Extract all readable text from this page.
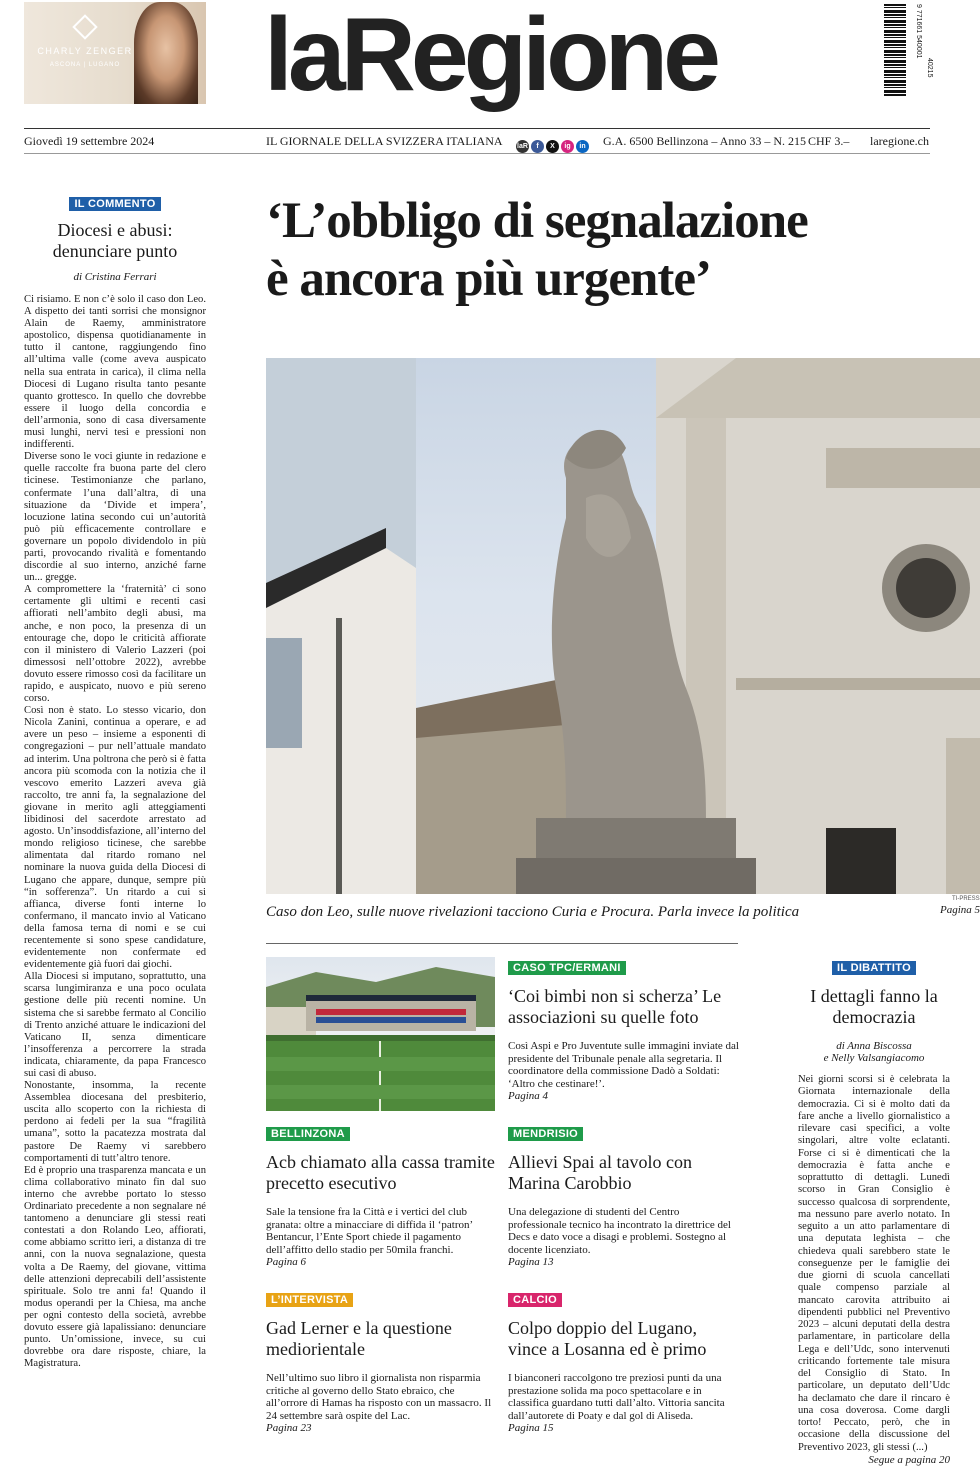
CHARLY ZENGER
ASCONA | LUGANO laRegione	9 771661 540001
40215
Giovedì 19 settembre 2024	IL GIORNALE DELLA SVIZZERA ITALIANA laR	f	X	ig	in G.A. 6500 Bellinzona – Anno 33 – N. 215 CHF 3.– laregione.ch
IL COMMENTO
Diocesi e abusi: denunciare punto
di Cristina Ferrari

Ci risiamo. E non c’è solo il caso don Leo. A dispetto dei tanti sorrisi che monsignor Alain de Raemy, amministratore apostolico, dispensa quotidianamente in tutto il cantone, raggiungendo fino all’ultima valle (come aveva auspicato nella sua entrata in carica), il clima nella Diocesi di Lugano risulta tanto pesante quanto grottesco. In quello che dovrebbe essere il luogo della concordia e dell’armonia, sono di casa diversamente musi lunghi, nervi tesi e pressioni non indifferenti.

Diverse sono le voci giunte in redazione e quelle raccolte fra buona parte del clero ticinese. Testimonianze che parlano, confermate l’una dall’altra, di una situazione da ‘Divide et impera’, locuzione latina secondo cui un’autorità può più efficacemente controllare e governare un popolo dividendolo in più parti, provocando rivalità e fomentando discordie al suo interno, anziché farne un... gregge.

A compromettere la ‘fraternità’ ci sono certamente gli ultimi e recenti casi affiorati nell’ambito degli abusi, ma anche, e non poco, la presenza di un entourage che, dopo le criticità affiorate con il ministero di Valerio Lazzeri (poi dimessosi nell’ottobre 2022), avrebbe dovuto essere rimosso così da facilitare un rapido, e auspicato, nuovo e più sereno corso.

Così non è stato. Lo stesso vicario, don Nicola Zanini, continua a operare, e ad avere un peso – insieme a esponenti di congregazioni – pur nell’attuale mandato ad interim. Una poltrona che però si è fatta ancora più scomoda con la notizia che il vescovo emerito Lazzeri aveva già raccolto, tre anni fa, la segnalazione del giovane in merito agli atteggiamenti libidinosi del sacerdote arrestato ad agosto. Un’insoddisfazione, all’interno del mondo religioso ticinese, che sarebbe alimentata dal ritardo romano nel nominare la nuova guida della Diocesi di Lugano che appare, dunque, sempre più “in sofferenza”. Un ritardo a cui si affianca, diverse fonti interne lo confermano, il mancato invio al Vaticano della famosa terna di nomi e se cui recentemente si sono spese candidature, evidentemente non confermate ed evidentemente già fuori dai giochi.

Alla Diocesi si imputano, soprattutto, una scarsa lungimiranza e una poco oculata gestione delle più recenti nomine. Un sistema che si sarebbe fermato al Concilio di Trento anziché attuare le indicazioni del Vaticano II, senza dimenticare l’insofferenza a percorrere la strada indicata, chiaramente, da papa Francesco sui casi di abuso.

Nonostante, insomma, la recente Assemblea diocesana del presbiterio, uscita allo scoperto con la richiesta di perdono ai fedeli per la sua “fragilità umana”, sotto la pacatezza mostrata dal pastore De Raemy vi sarebbero comportamenti di tutt’altro tenore.

Ed è proprio una trasparenza mancata e un clima collaborativo minato fin dal suo interno che avrebbe portato lo stesso Ordinariato precedente a non segnalare né tantomeno a denunciare gli stessi reati contestati a don Rolando Leo, affiorati, come abbiamo scritto ieri, a distanza di tre anni, con la nuova segnalazione, questa volta a De Raemy, del giovane, vittima delle attenzioni deprecabili dell’assistente spirituale. Solo tre anni fa! Quando il modus operandi per la Chiesa, ma anche per ogni contesto della società, avrebbe dovuto essere già lapalissiano: denunciare punto. Un’omissione, invece, su cui dovrebbe ora dare risposte, chiare, la Magistratura.

‘L’obbligo di segnalazione
è ancora più urgente’
TI-PRESS
Caso don Leo, sulle nuove rivelazioni tacciono Curia e Procura. Parla invece la politica	Pagina 5
BELLINZONA
Acb chiamato alla cassa tramite precetto esecutivo
Sale la tensione fra la Città e i vertici del club granata: oltre a minacciare di diffida il ‘patron’ Bentancur, l’Ente Sport chiede il pagamento dell’affitto dello stadio per 50mila franchi.
Pagina 6
L’INTERVISTA
Gad Lerner e la questione mediorientale
Nell’ultimo suo libro il giornalista non risparmia critiche al governo dello Stato ebraico, che all’orrore di Hamas ha risposto con un massacro. Il 24 settembre sarà ospite del Lac.
Pagina 23
CASO TPC/ERMANI
‘Coi bimbi non si scherza’ Le associazioni su quelle foto
Così Aspi e Pro Juventute sulle immagini inviate dal presidente del Tribunale penale alla segretaria. Il coordinatore della commissione Dadò a Soldati: ‘Altro che cestinare!’.
Pagina 4
MENDRISIO
Allievi Spai al tavolo con Marina Carobbio
Una delegazione di studenti del Centro professionale tecnico ha incontrato la direttrice del Decs e dato voce a disagi e problemi. Sostegno al docente licenziato.
Pagina 13
CALCIO
Colpo doppio del Lugano, vince a Losanna ed è primo
I bianconeri raccolgono tre preziosi punti da una prestazione solida ma poco spettacolare e in classifica guardano tutti dall’alto. Vittoria sancita dall’autorete di Poaty e dal gol di Aliseda.
Pagina 15
IL DIBATTITO
I dettagli fanno la democrazia
di Anna Biscossa
e Nelly Valsangiacomo
Nei giorni scorsi si è celebrata la Giornata internazionale della democrazia. Ci si è molto dati da fare anche a livello giornalistico a rilevare casi specifici, a volte singolari, altre volte eclatanti. Forse ci si è dimenticati che la democrazia è fatta anche e soprattutto di dettagli. Lunedì scorso in Gran Consiglio è successo qualcosa di sorprendente, ma nessuno pare averlo notato. In seguito a un atto parlamentare di una deputata leghista – che chiedeva quali sarebbero state le conseguenze per le famiglie dei due giorni di scuola cancellati quale compenso parziale al mancato carovita attribuito ai dipendenti pubblici nel Preventivo 2023 – alcuni deputati della destra parlamentare, in particolare della Lega e dell’Udc, sono intervenuti criticando fortemente tale misura del Consiglio di Stato. In particolare, un deputato dell’Udc ha declamato che dare il rincaro è una cosa doverosa. Come dargli torto! Peccato, però, che in occasione della discussione del Preventivo 2023, gli stessi (...)
Segue a pagina 20
